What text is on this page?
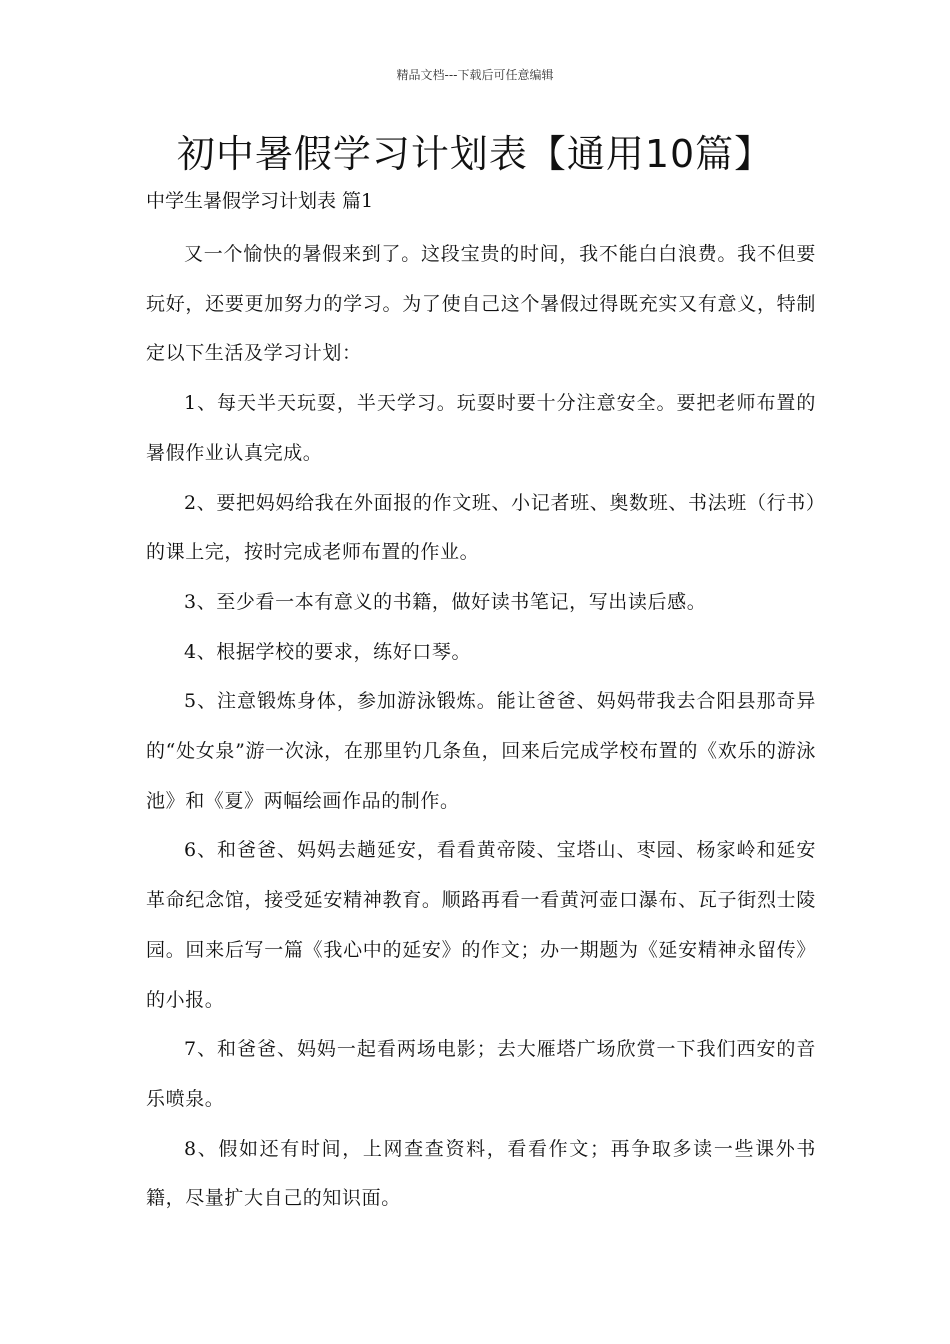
精品文档---下载后可任意编辑
初中暑假学习计划表【通用10篇】
中学生暑假学习计划表 篇1

又一个愉快的暑假来到了。这段宝贵的时间，我不能白白浪费。我不但要玩好，还要更加努力的学习。为了使自己这个暑假过得既充实又有意义，特制定以下生活及学习计划：

1、每天半天玩耍，半天学习。玩耍时要十分注意安全。要把老师布置的暑假作业认真完成。

2、要把妈妈给我在外面报的作文班、小记者班、奥数班、书法班（行书）的课上完，按时完成老师布置的作业。

3、至少看一本有意义的书籍，做好读书笔记，写出读后感。

4、根据学校的要求，练好口琴。

5、注意锻炼身体，参加游泳锻炼。能让爸爸、妈妈带我去合阳县那奇异的“处女泉”游一次泳，在那里钓几条鱼，回来后完成学校布置的《欢乐的游泳池》和《夏》两幅绘画作品的制作。

6、和爸爸、妈妈去趟延安，看看黄帝陵、宝塔山、枣园、杨家岭和延安革命纪念馆，接受延安精神教育。顺路再看一看黄河壶口瀑布、瓦子街烈士陵园。回来后写一篇《我心中的延安》的作文；办一期题为《延安精神永留传》的小报。

7、和爸爸、妈妈一起看两场电影；去大雁塔广场欣赏一下我们西安的音乐喷泉。

8、假如还有时间，上网查查资料，看看作文；再争取多读一些课外书籍，尽量扩大自己的知识面。
